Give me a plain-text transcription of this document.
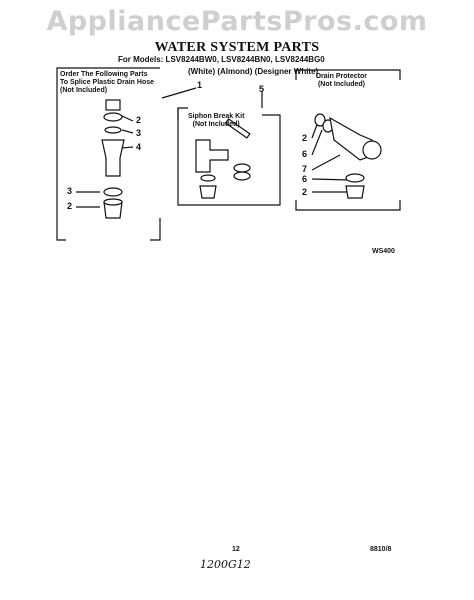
AppliancePartsPros.com
WATER SYSTEM PARTS
For Models: LSV8244BW0, LSV8244BN0, LSV8244BG0
(White) (Almond) (Designer White)
Order The Following Parts
To Splice Plastic Drain Hose
(Not Included)
Siphon Break Kit
(Not Included)
Drain Protector
(Not Included)
1	5
2
3
4
3
2
2
6
7
6
2
WS400
12
1200G12
8810/8
